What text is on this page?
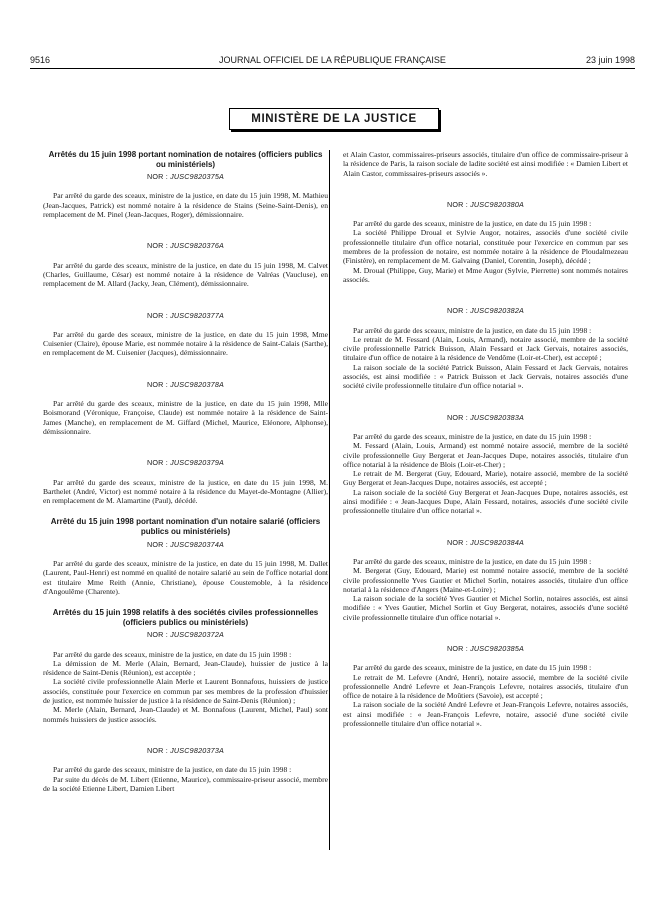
9516	JOURNAL OFFICIEL DE LA RÉPUBLIQUE FRANÇAISE	23 juin 1998
MINISTÈRE DE LA JUSTICE
Arrêtés du 15 juin 1998 portant nomination de notaires (officiers publics ou ministériels)
NOR : JUSC9820375A

Par arrêté du garde des sceaux, ministre de la justice, en date du 15 juin 1998, M. Mathieu (Jean-Jacques, Patrick) est nommé notaire à la résidence de Stains (Seine-Saint-Denis), en remplacement de M. Pinel (Jean-Jacques, Roger), démissionnaire.

NOR : JUSC9820376A

Par arrêté du garde des sceaux, ministre de la justice, en date du 15 juin 1998, M. Calvet (Charles, Guillaume, César) est nommé notaire à la résidence de Valréas (Vaucluse), en remplacement de M. Allard (Jacky, Jean, Clément), démissionnaire.

NOR : JUSC9820377A

Par arrêté du garde des sceaux, ministre de la justice, en date du 15 juin 1998, Mme Cuisenier (Claire), épouse Marie, est nommée notaire à la résidence de Saint-Calais (Sarthe), en remplacement de M. Cuisenier (Jacques), démissionnaire.

NOR : JUSC9820378A

Par arrêté du garde des sceaux, ministre de la justice, en date du 15 juin 1998, Mlle Boismorand (Véronique, Françoise, Claude) est nommée notaire à la résidence de Saint-James (Manche), en remplacement de M. Giffard (Michel, Maurice, Eléonore, Alphonse), démissionnaire.

NOR : JUSC9820379A

Par arrêté du garde des sceaux, ministre de la justice, en date du 15 juin 1998, M. Barthelet (André, Victor) est nommé notaire à la résidence du Mayet-de-Montagne (Allier), en remplacement de M. Alamartine (Paul), décédé.

Arrêté du 15 juin 1998 portant nomination d'un notaire salarié (officiers publics ou ministériels)
NOR : JUSC9820374A

Par arrêté du garde des sceaux, ministre de la justice, en date du 15 juin 1998, M. Dallet (Laurent, Paul-Henri) est nommé en qualité de notaire salarié au sein de l'office notarial dont est titulaire Mme Reith (Annie, Christiane), épouse Coustemoble, à la résidence d'Angoulême (Charente).

Arrêtés du 15 juin 1998 relatifs à des sociétés civiles professionnelles (officiers publics ou ministériels)
NOR : JUSC9820372A

Par arrêté du garde des sceaux, ministre de la justice, en date du 15 juin 1998 :

La démission de M. Merle (Alain, Bernard, Jean-Claude), huissier de justice à la résidence de Saint-Denis (Réunion), est acceptée ;

La société civile professionnelle Alain Merle et Laurent Bonnafous, huissiers de justice associés, constituée pour l'exercice en commun par ses membres de la profession d'huissier de justice, est nommée huissier de justice à la résidence de Saint-Denis (Réunion) ;

M. Merle (Alain, Bernard, Jean-Claude) et M. Bonnafous (Laurent, Michel, Paul) sont nommés huissiers de justice associés.

NOR : JUSC9820373A

Par arrêté du garde des sceaux, ministre de la justice, en date du 15 juin 1998 :

Par suite du décès de M. Libert (Etienne, Maurice), commissaire-priseur associé, membre de la société Etienne Libert, Damien Libert

et Alain Castor, commissaires-priseurs associés, titulaire d'un office de commissaire-priseur à la résidence de Paris, la raison sociale de ladite société est ainsi modifiée : « Damien Libert et Alain Castor, commissaires-priseurs associés ».

NOR : JUSC9820380A

Par arrêté du garde des sceaux, ministre de la justice, en date du 15 juin 1998 :

La société Philippe Droual et Sylvie Augor, notaires, associés d'une société civile professionnelle titulaire d'un office notarial, constituée pour l'exercice en commun par ses membres de la profession de notaire, est nommée notaire à la résidence de Ploudalmezeau (Finistère), en remplacement de M. Galvaing (Daniel, Corentin, Joseph), décédé ;

M. Droual (Philippe, Guy, Marie) et Mme Augor (Sylvie, Pierrette) sont nommés notaires associés.

NOR : JUSC9820382A

Par arrêté du garde des sceaux, ministre de la justice, en date du 15 juin 1998 :

Le retrait de M. Fessard (Alain, Louis, Armand), notaire associé, membre de la société civile professionnelle Patrick Buisson, Alain Fessard et Jack Gervais, notaires associés, titulaire d'un office de notaire à la résidence de Vendôme (Loir-et-Cher), est accepté ;

La raison sociale de la société Patrick Buisson, Alain Fessard et Jack Gervais, notaires associés, est ainsi modifiée : « Patrick Buisson et Jack Gervais, notaires associés d'une société civile professionnelle titulaire d'un office notarial ».

NOR : JUSC9820383A

Par arrêté du garde des sceaux, ministre de la justice, en date du 15 juin 1998 :

M. Fessard (Alain, Louis, Armand) est nommé notaire associé, membre de la société civile professionnelle Guy Bergerat et Jean-Jacques Dupe, notaires associés, titulaire d'un office notarial à la résidence de Blois (Loir-et-Cher) ;

Le retrait de M. Bergerat (Guy, Edouard, Marie), notaire associé, membre de la société Guy Bergerat et Jean-Jacques Dupe, notaires associés, est accepté ;

La raison sociale de la société Guy Bergerat et Jean-Jacques Dupe, notaires associés, est ainsi modifiée : « Jean-Jacques Dupe, Alain Fessard, notaires, associés d'une société civile professionnelle titulaire d'un office notarial ».

NOR : JUSC9820384A

Par arrêté du garde des sceaux, ministre de la justice, en date du 15 juin 1998 :

M. Bergerat (Guy, Edouard, Marie) est nommé notaire associé, membre de la société civile professionnelle Yves Gautier et Michel Sorlin, notaires associés, titulaire d'un office notarial à la résidence d'Angers (Maine-et-Loire) ;

La raison sociale de la société Yves Gautier et Michel Sorlin, notaires associés, est ainsi modifiée : « Yves Gautier, Michel Sorlin et Guy Bergerat, notaires, associés d'une société civile professionnelle titulaire d'un office notarial ».

NOR : JUSC9820385A

Par arrêté du garde des sceaux, ministre de la justice, en date du 15 juin 1998 :

Le retrait de M. Lefevre (André, Henri), notaire associé, membre de la société civile professionnelle André Lefevre et Jean-François Lefevre, notaires associés, titulaire d'un office de notaire à la résidence de Moûtiers (Savoie), est accepté ;

La raison sociale de la société André Lefevre et Jean-François Lefevre, notaires associés, est ainsi modifiée : « Jean-François Lefevre, notaire, associé d'une société civile professionnelle titulaire d'un office notarial ».
